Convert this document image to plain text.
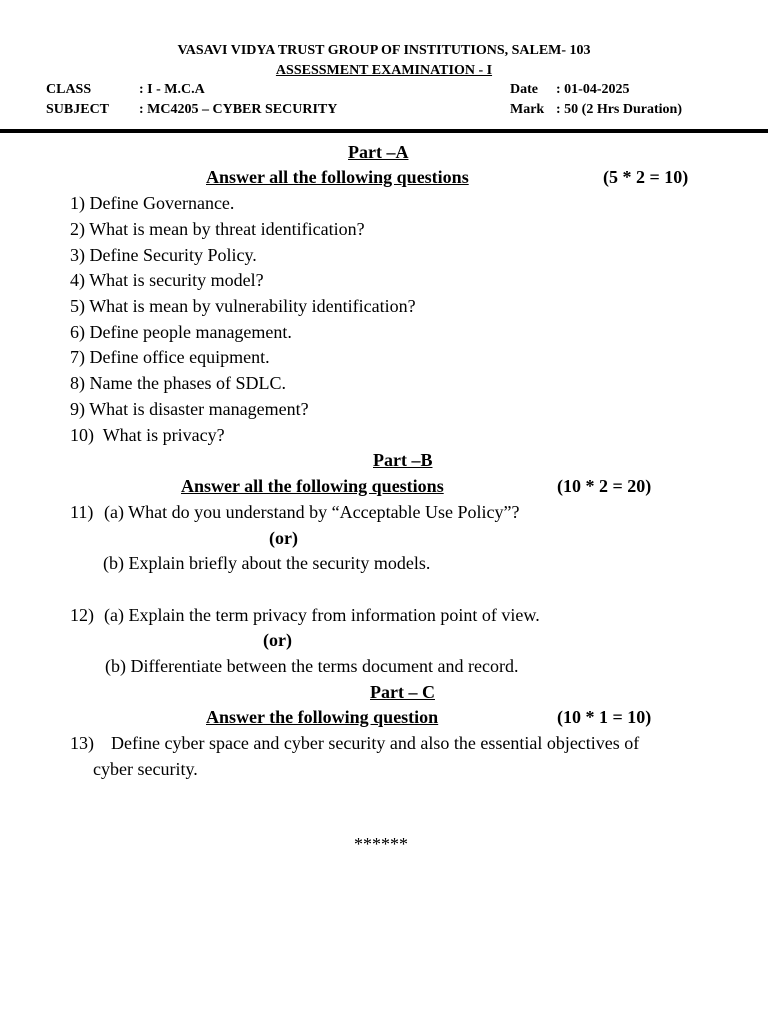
VASAVI VIDYA TRUST GROUP OF INSTITUTIONS, SALEM- 103
ASSESSMENT EXAMINATION - I
CLASS	: I - M.C.A	Date : 01-04-2025
SUBJECT : MC4205 – CYBER SECURITY	Mark : 50 (2 Hrs Duration)
Part –A
Answer all the following questions	(5 * 2 = 10)
1) Define Governance.
2) What is mean by threat identification?
3) Define Security Policy.
4) What is security model?
5) What is mean by vulnerability identification?
6) Define people management.
7) Define office equipment.
8) Name the phases of SDLC.
9) What is disaster management?
10) What is privacy?
Part –B
Answer all the following questions	(10 * 2 = 20)
11) (a) What do you understand by “Acceptable Use Policy”?
(or)
(b) Explain briefly about the security models.
12) (a) Explain the term privacy from information point of view.
(or)
(b) Differentiate between the terms document and record.
Part – C
Answer the following question	(10 * 1 = 10)
13) Define cyber space and cyber security and also the essential objectives of
cyber security.
******
